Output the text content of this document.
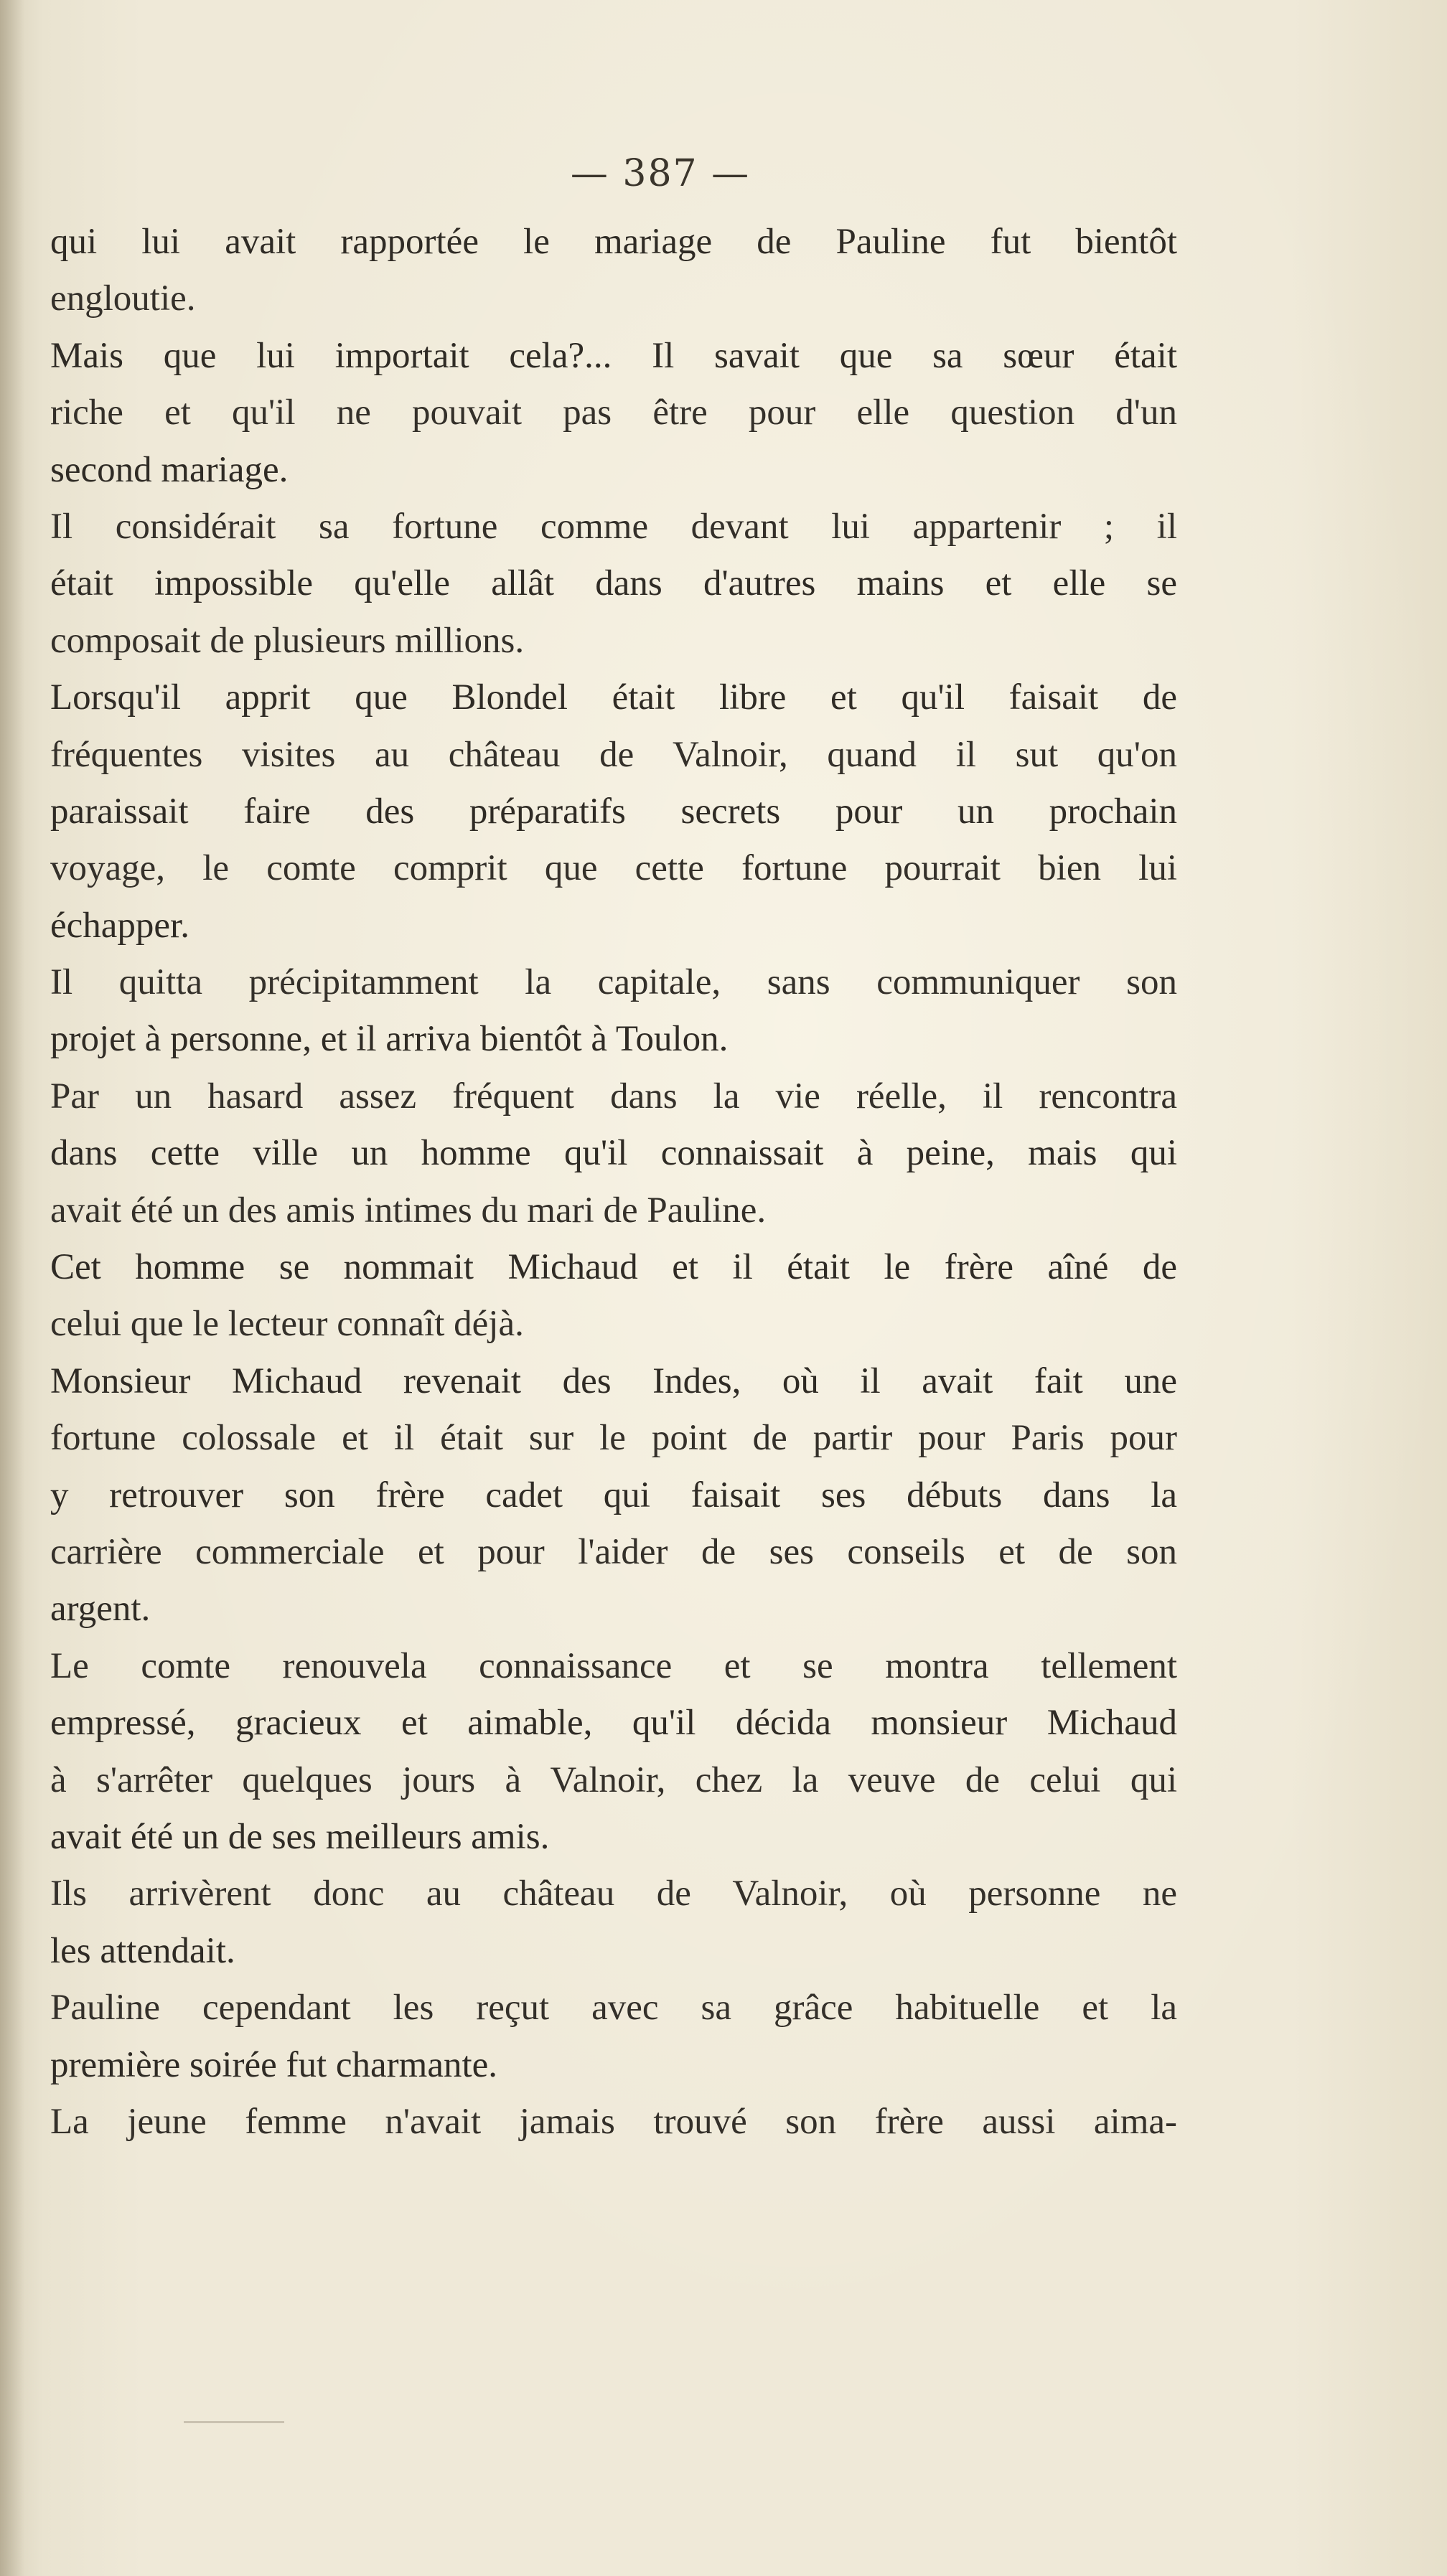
— 387 —
qui lui avait rapportée le mariage de Pauline fut bientôt
engloutie.
Mais que lui importait cela?... Il savait que sa sœur était
riche et qu'il ne pouvait pas être pour elle question d'un
second mariage.
Il considérait sa fortune comme devant lui appartenir ; il
était impossible qu'elle allât dans d'autres mains et elle se
composait de plusieurs millions.
Lorsqu'il apprit que Blondel était libre et qu'il faisait de
fréquentes visites au château de Valnoir, quand il sut qu'on
paraissait faire des préparatifs secrets pour un prochain
voyage, le comte comprit que cette fortune pourrait bien lui
échapper.
Il quitta précipitamment la capitale, sans communiquer son
projet à personne, et il arriva bientôt à Toulon.
Par un hasard assez fréquent dans la vie réelle, il rencontra
dans cette ville un homme qu'il connaissait à peine, mais qui
avait été un des amis intimes du mari de Pauline.
Cet homme se nommait Michaud et il était le frère aîné de
celui que le lecteur connaît déjà.
Monsieur Michaud revenait des Indes, où il avait fait une
fortune colossale et il était sur le point de partir pour Paris pour
y retrouver son frère cadet qui faisait ses débuts dans la
carrière commerciale et pour l'aider de ses conseils et de son
argent.
Le comte renouvela connaissance et se montra tellement
empressé, gracieux et aimable, qu'il décida monsieur Michaud
à s'arrêter quelques jours à Valnoir, chez la veuve de celui qui
avait été un de ses meilleurs amis.
Ils arrivèrent donc au château de Valnoir, où personne ne
les attendait.
Pauline cependant les reçut avec sa grâce habituelle et la
première soirée fut charmante.
La jeune femme n'avait jamais trouvé son frère aussi aima-
